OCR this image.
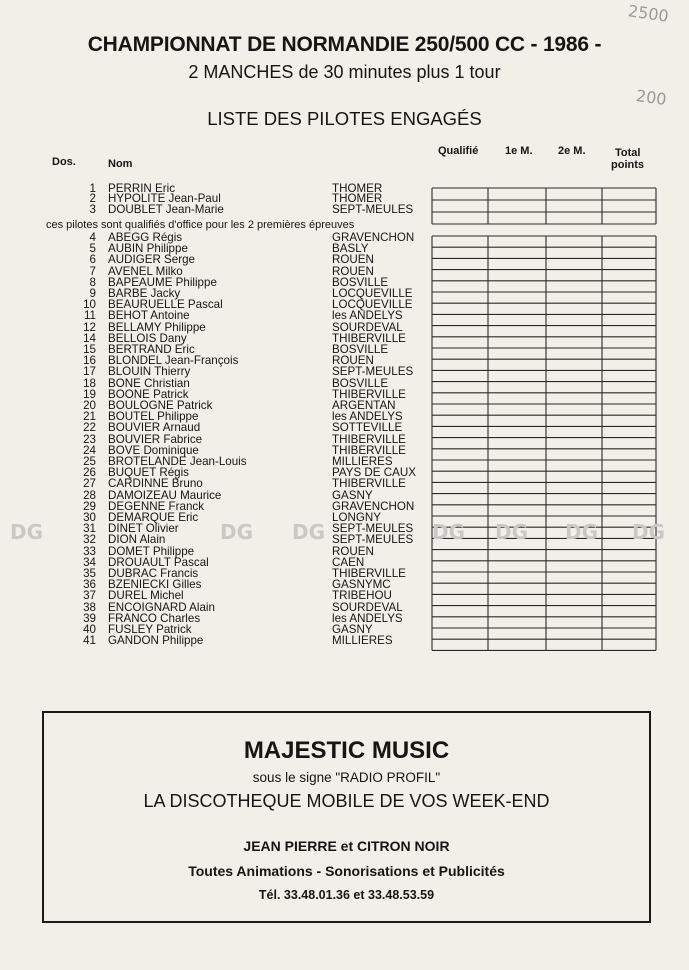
2500
200
CHAMPIONNAT DE NORMANDIE 250/500 CC - 1986 -
2 MANCHES de 30 minutes plus 1 tour
LISTE DES PILOTES ENGAGÉS
Dos.	Nom
Qualifié 1e M. 2e M.	Total
points
1 PERRIN Eric	THOMER
2 HYPOLITE Jean-Paul	THOMER
3 DOUBLET Jean-Marie	SEPT-MEULES
4 ABEGG Régis	GRAVENCHON
5 AUBIN Philippe	BASLY
6 AUDIGER Serge	ROUEN
7 AVENEL Milko	ROUEN
8 BAPEAUME Philippe	BOSVILLE
9 BARBE Jacky	LOCQUEVILLE
10 BEAURUELLE Pascal	LOCQUEVILLE
11 BEHOT Antoine	les ANDELYS
12 BELLAMY Philippe	SOURDEVAL
14 BELLOIS Dany	THIBERVILLE
15 BERTRAND Eric	BOSVILLE
16 BLONDEL Jean-François	ROUEN
17 BLOUIN Thierry	SEPT-MEULES
18 BONE Christian	BOSVILLE
19 BOONE Patrick	THIBERVILLE
20 BOULOGNE Patrick	ARGENTAN
21 BOUTEL Philippe	les ANDELYS
22 BOUVIER Arnaud	SOTTEVILLE
23 BOUVIER Fabrice	THIBERVILLE
24 BOVE Dominique	THIBERVILLE
25 BROTELANDE Jean-Louis	MILLIERES
26 BUQUET Régis	PAYS DE CAUX
27 CARDINNE Bruno	THIBERVILLE
28 DAMOIZEAU Maurice	GASNY
29 DEGENNE Franck	GRAVENCHON
30 DEMARQUE Eric	LONGNY
31 DINET Olivier	SEPT-MEULES
32 DION Alain	SEPT-MEULES
33 DOMET Philippe	ROUEN
34 DROUAULT Pascal	CAEN
35 DUBRAC Francis	THIBERVILLE
36 BZENIECKI Gilles	GASNYMC
37 DUREL Michel	TRIBEHOU
38 ENCOIGNARD Alain	SOURDEVAL
39 FRANCO Charles	les ANDELYS
40 FUSLEY Patrick	GASNY
41 GANDON Philippe	MILLIERES
ces pilotes sont qualifiés d'office pour les 2 premières épreuves
DG	DG DG	DG DG DG DG
MAJESTIC MUSIC
sous le signe "RADIO PROFIL"
LA DISCOTHEQUE MOBILE DE VOS WEEK-END
JEAN PIERRE et CITRON NOIR
Toutes Animations - Sonorisations et Publicités
Tél. 33.48.01.36 et 33.48.53.59
